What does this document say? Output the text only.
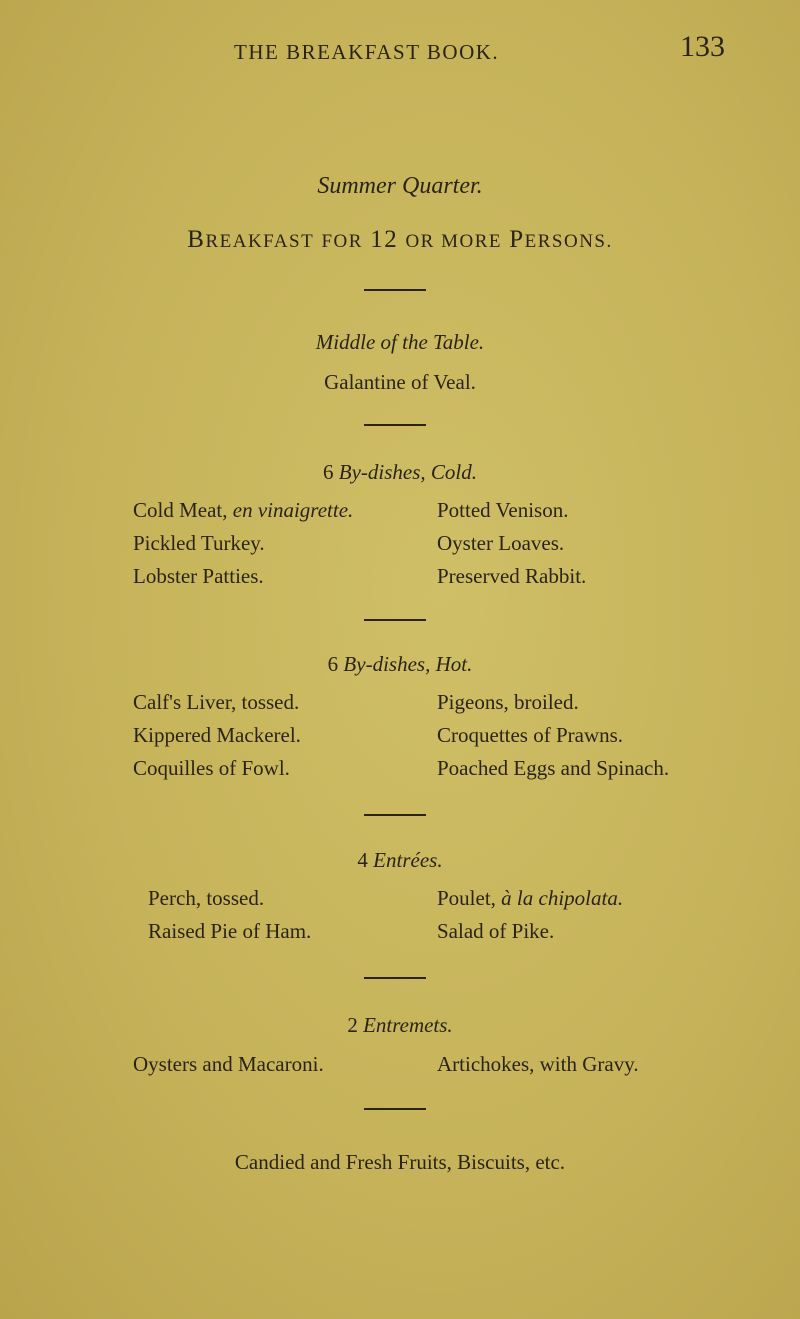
THE BREAKFAST BOOK.	133
Summer Quarter.
BREAKFAST FOR 12 OR MORE PERSONS.
Middle of the Table.
Galantine of Veal.
6 By-dishes, Cold.
Cold Meat, en vinaigrette.
Pickled Turkey.
Lobster Patties.
Potted Venison.
Oyster Loaves.
Preserved Rabbit.
6 By-dishes, Hot.
Calf's Liver, tossed.
Kippered Mackerel.
Coquilles of Fowl.
Pigeons, broiled.
Croquettes of Prawns.
Poached Eggs and Spinach.
4 Entrées.
Perch, tossed.
Raised Pie of Ham.
Poulet, à la chipolata.
Salad of Pike.
2 Entremets.
Oysters and Macaroni.	Artichokes, with Gravy.
Candied and Fresh Fruits, Biscuits, etc.
